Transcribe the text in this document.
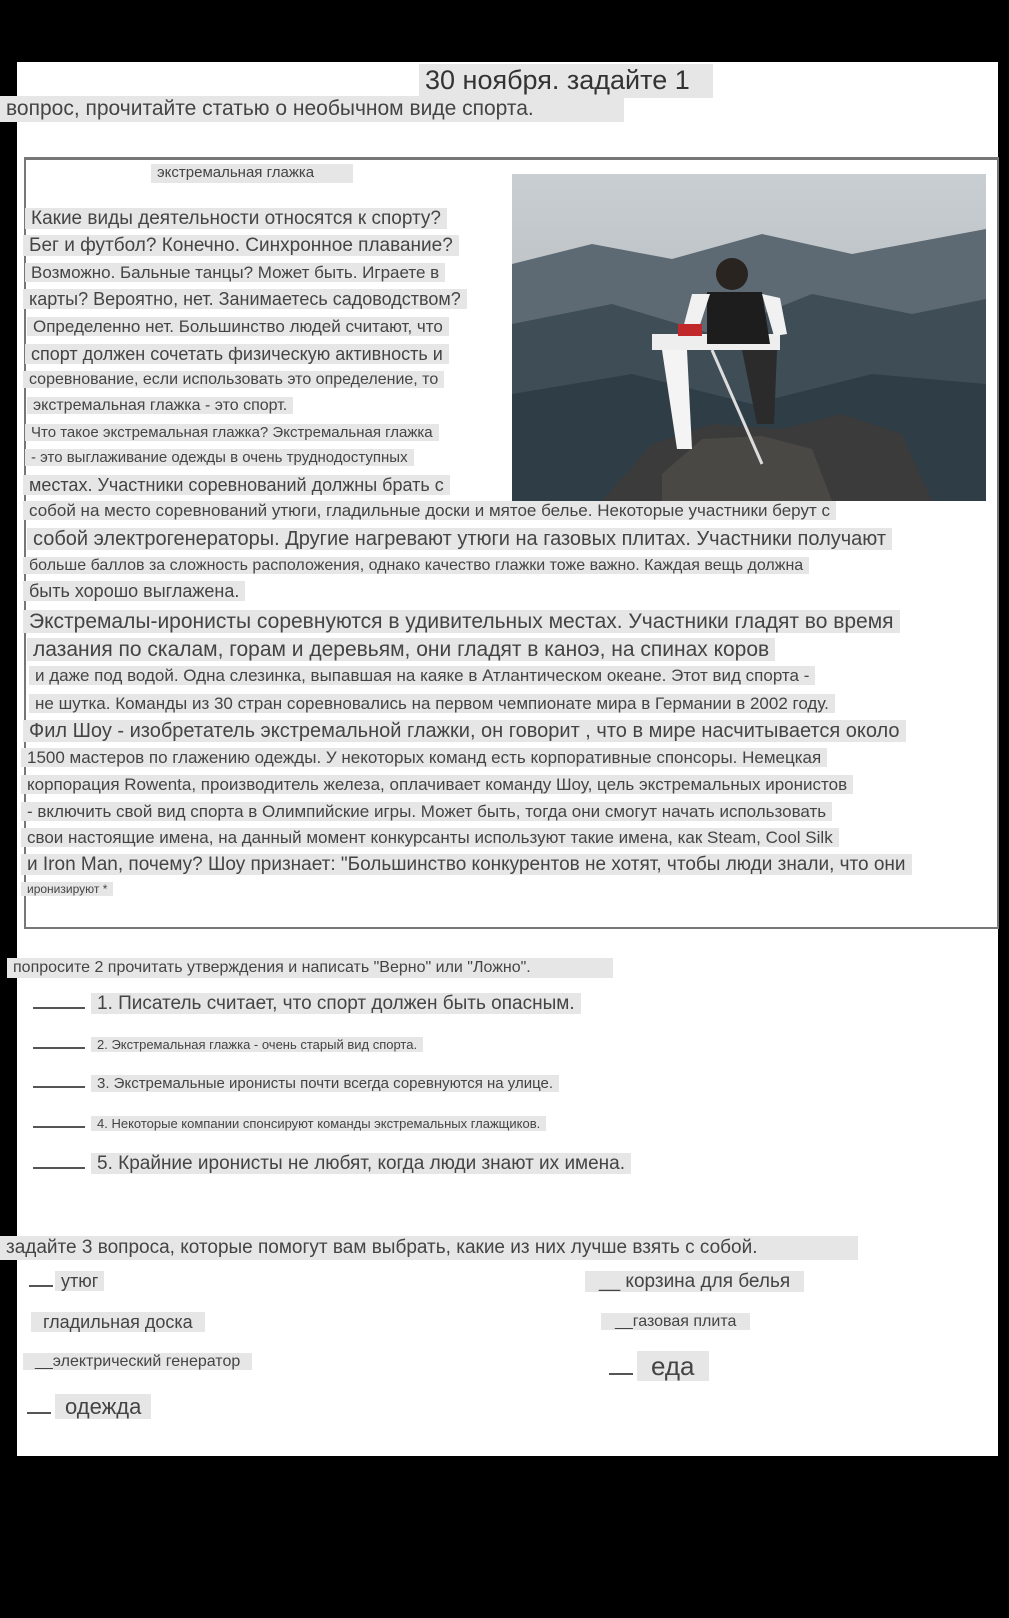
30 ноября. задайте 1
вопрос, прочитайте статью о необычном виде спорта.
экстремальная глажка
Какие виды деятельности относятся к спорту?
Бег и футбол? Конечно. Синхронное плавание?
Возможно. Бальные танцы? Может быть. Играете в
карты? Вероятно, нет. Занимаетесь садоводством?
Определенно нет. Большинство людей считают, что
спорт должен сочетать физическую активность и
соревнование, если использовать это определение, то
экстремальная глажка - это спорт.
Что такое экстремальная глажка? Экстремальная глажка
- это выглаживание одежды в очень труднодоступных
местах. Участники соревнований должны брать с
собой на место соревнований утюги, гладильные доски и мятое белье. Некоторые участники берут с
собой электрогенераторы. Другие нагревают утюги на газовых плитах. Участники получают
больше баллов за сложность расположения, однако качество глажки тоже важно. Каждая вещь должна
быть хорошо выглажена.
Экстремалы-иронисты соревнуются в удивительных местах. Участники гладят во время
лазания по скалам, горам и деревьям, они гладят в каноэ, на спинах коров
и даже под водой. Одна слезинка, выпавшая на каяке в Атлантическом океане. Этот вид спорта -
не шутка. Команды из 30 стран соревновались на первом чемпионате мира в Германии в 2002 году.
Фил Шоу - изобретатель экстремальной глажки, он говорит , что в мире насчитывается около
1500 мастеров по глажению одежды. У некоторых команд есть корпоративные спонсоры. Немецкая
корпорация Rowenta, производитель железа, оплачивает команду Шоу, цель экстремальных иронистов
- включить свой вид спорта в Олимпийские игры. Может быть, тогда они смогут начать использовать
свои настоящие имена, на данный момент конкурсанты используют такие имена, как Steam, Cool Silk
и Iron Man, почему? Шоу признает: "Большинство конкурентов не хотят, чтобы люди знали, что они
иронизируют *
попросите 2 прочитать утверждения и написать "Верно" или "Ложно".
1. Писатель считает, что спорт должен быть опасным.
2. Экстремальная глажка - очень старый вид спорта.
3. Экстремальные иронисты почти всегда соревнуются на улице.
4. Некоторые компании спонсируют команды экстремальных глажщиков.
5. Крайние иронисты не любят, когда люди знают их имена.
задайте 3 вопроса, которые помогут вам выбрать, какие из них лучше взять с собой.
утюг
гладильная доска
__электрический генератор
одежда
__ корзина для белья
__газовая плита
еда
